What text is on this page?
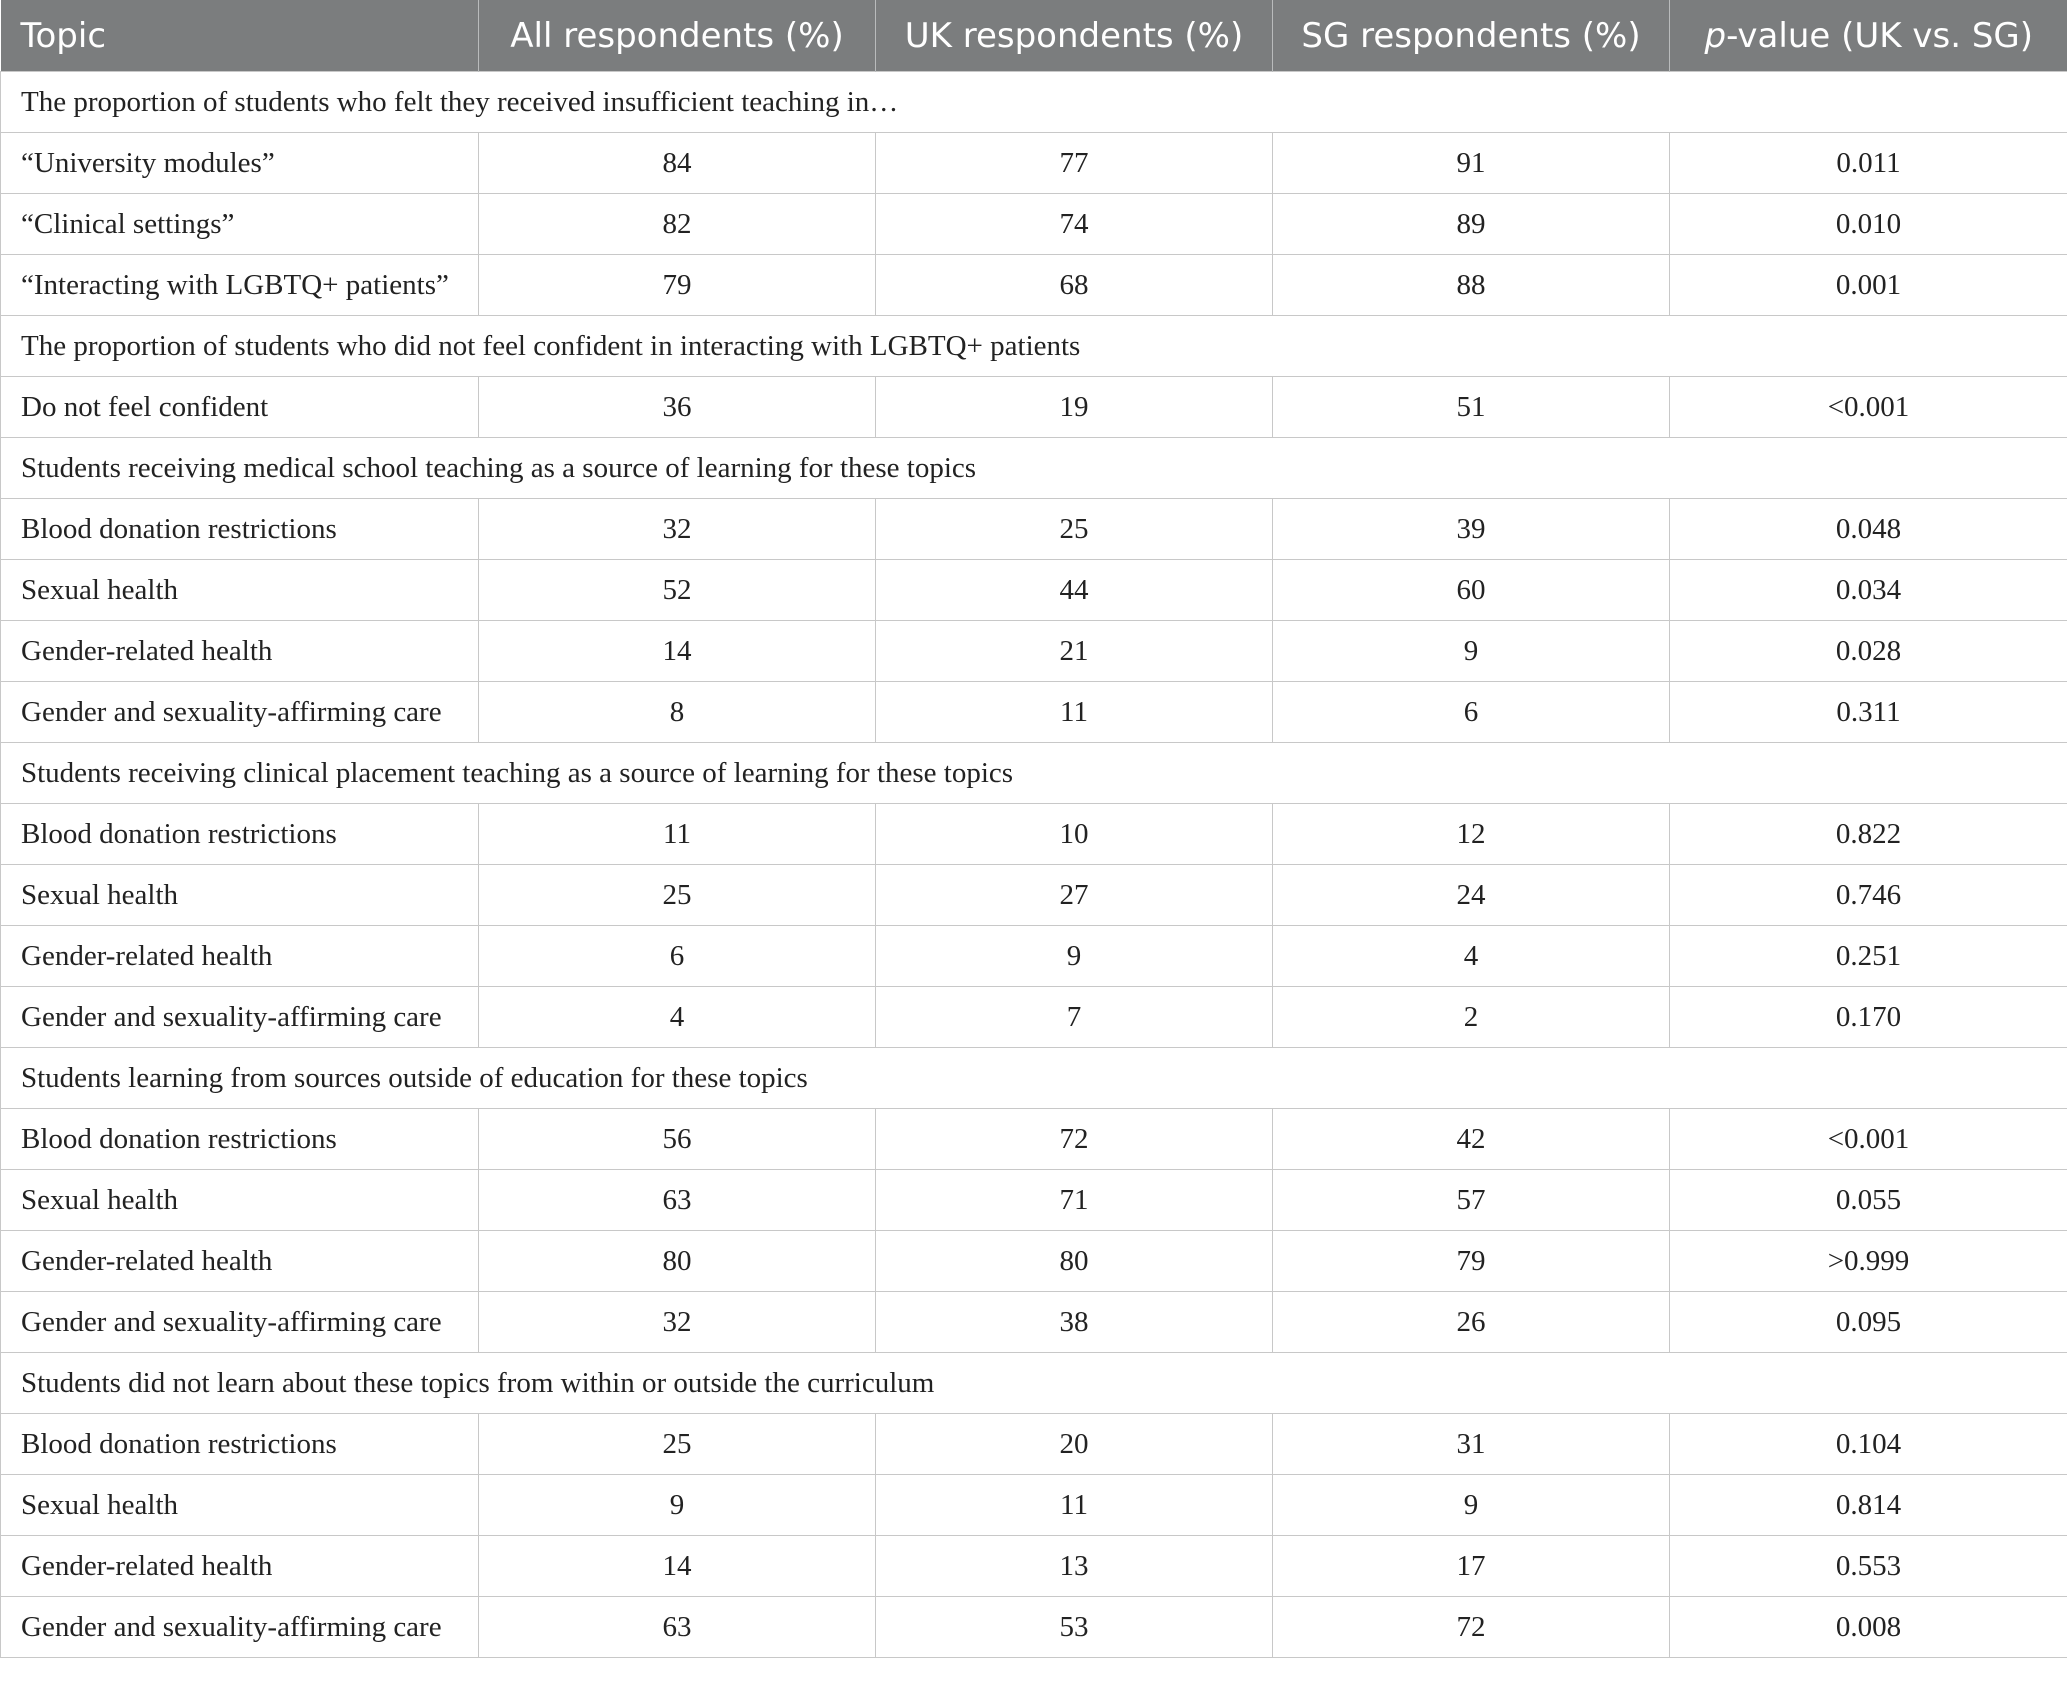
Topic	All respondents (%)	UK respondents (%)	SG respondents (%)	p-value (UK vs. SG)
The proportion of students who felt they received insufficient teaching in…				
“University modules”	84	77	91	0.011
“Clinical settings”	82	74	89	0.010
“Interacting with LGBTQ+ patients”	79	68	88	0.001
The proportion of students who did not feel confident in interacting with LGBTQ+ patients				
Do not feel confident	36	19	51	<0.001
Students receiving medical school teaching as a source of learning for these topics				
Blood donation restrictions	32	25	39	0.048
Sexual health	52	44	60	0.034
Gender-related health	14	21	9	0.028
Gender and sexuality-affirming care	8	11	6	0.311
Students receiving clinical placement teaching as a source of learning for these topics				
Blood donation restrictions	11	10	12	0.822
Sexual health	25	27	24	0.746
Gender-related health	6	9	4	0.251
Gender and sexuality-affirming care	4	7	2	0.170
Students learning from sources outside of education for these topics				
Blood donation restrictions	56	72	42	<0.001
Sexual health	63	71	57	0.055
Gender-related health	80	80	79	>0.999
Gender and sexuality-affirming care	32	38	26	0.095
Students did not learn about these topics from within or outside the curriculum				
Blood donation restrictions	25	20	31	0.104
Sexual health	9	11	9	0.814
Gender-related health	14	13	17	0.553
Gender and sexuality-affirming care	63	53	72	0.008
